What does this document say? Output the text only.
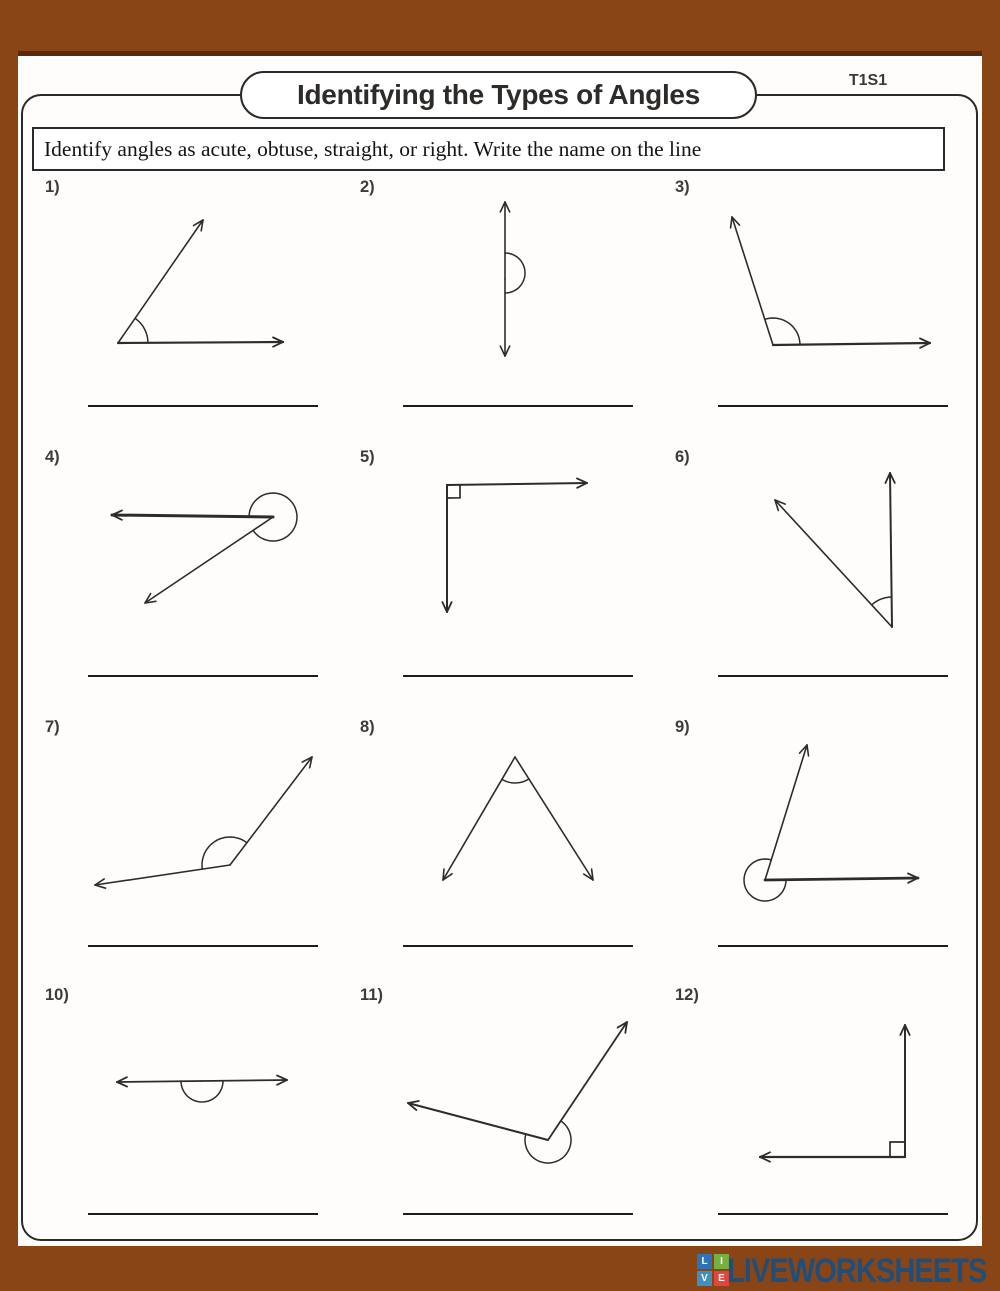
Identifying the Types of Angles	T1S1
Identify angles as acute, obtuse, straight, or right. Write the name on the line
1)	2)	3)
4)	5)	6)
7)	8)	9)
10)	11)	12)
L	I
V	E LIVEWORKSHEETS
